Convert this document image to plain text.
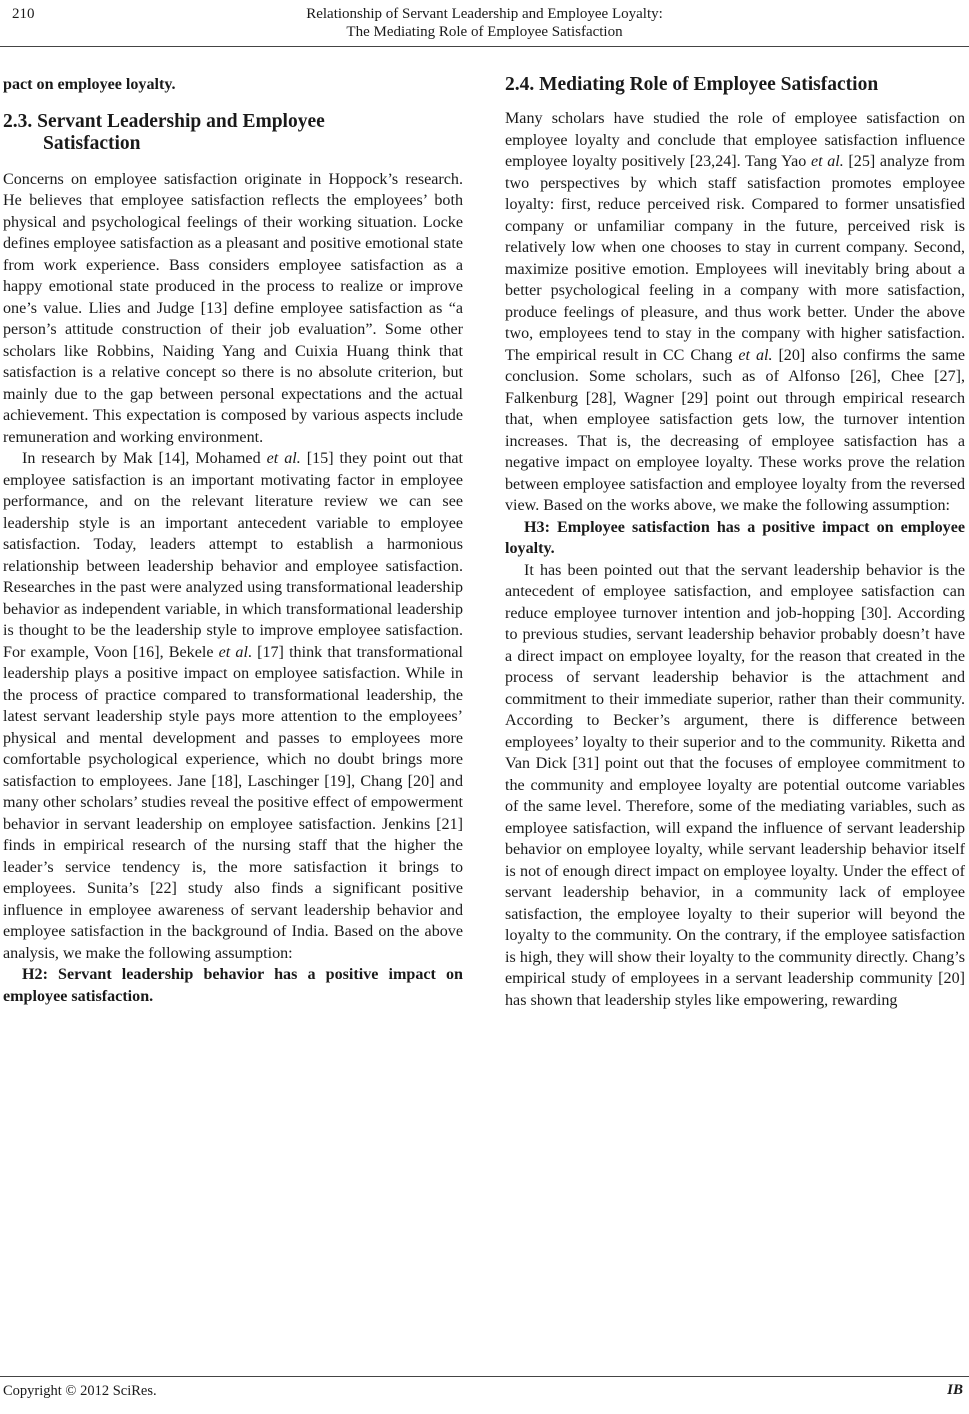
210	Relationship of Servant Leadership and Employee Loyalty:
The Mediating Role of Employee Satisfaction

pact on employee loyalty.

2.3. Servant Leadership and Employee
Satisfaction

Concerns on employee satisfaction originate in Hoppock’s research. He believes that employee satisfaction reflects the employees’ both physical and psychological feelings of their working situation. Locke defines employee satisfaction as a pleasant and positive emotional state from work experience. Bass considers employee satisfaction as a happy emotional state produced in the process to realize or improve one’s value. Llies and Judge [13] define employee satisfaction as “a person’s attitude construction of their job evaluation”. Some other scholars like Robbins, Naiding Yang and Cuixia Huang think that satisfaction is a relative concept so there is no absolute criterion, but mainly due to the gap between personal expectations and the actual achievement. This expectation is composed by various aspects include remuneration and working environment.

In research by Mak [14], Mohamed et al. [15] they point out that employee satisfaction is an important motivating factor in employee performance, and on the relevant literature review we can see leadership style is an important antecedent variable to employee satisfaction. Today, leaders attempt to establish a harmonious relationship between leadership behavior and employee satisfaction. Researches in the past were analyzed using transformational leadership behavior as independent variable, in which transformational leadership is thought to be the leadership style to improve employee satisfaction. For example, Voon [16], Bekele et al. [17] think that transformational leadership plays a positive impact on employee satisfaction. While in the process of practice compared to transformational leadership, the latest servant leadership style pays more attention to the employees’ physical and mental development and passes to employees more comfortable psychological experience, which no doubt brings more satisfaction to employees. Jane [18], Laschinger [19], Chang [20] and many other scholars’ studies reveal the positive effect of empowerment behavior in servant leadership on employee satisfaction. Jenkins [21] finds in empirical research of the nursing staff that the higher the leader’s service tendency is, the more satisfaction it brings to employees. Sunita’s [22] study also finds a significant positive influence in employee awareness of servant leadership behavior and employee satisfaction in the background of India. Based on the above analysis, we make the following assumption:

H2: Servant leadership behavior has a positive impact on employee satisfaction.

2.4. Mediating Role of Employee Satisfaction

Many scholars have studied the role of employee satisfaction on employee loyalty and conclude that employee satisfaction influence employee loyalty positively [23,24]. Tang Yao et al. [25] analyze from two perspectives by which staff satisfaction promotes employee loyalty: first, reduce perceived risk. Compared to former unsatisfied company or unfamiliar company in the future, perceived risk is relatively low when one chooses to stay in current company. Second, maximize positive emotion. Employees will inevitably bring about a better psychological feeling in a company with more satisfaction, produce feelings of pleasure, and thus work better. Under the above two, employees tend to stay in the company with higher satisfaction. The empirical result in CC Chang et al. [20] also confirms the same conclusion. Some scholars, such as of Alfonso [26], Chee [27], Falkenburg [28], Wagner [29] point out through empirical research that, when employee satisfaction gets low, the turnover intention increases. That is, the decreasing of employee satisfaction has a negative impact on employee loyalty. These works prove the relation between employee satisfaction and employee loyalty from the reversed view. Based on the works above, we make the following assumption:

H3: Employee satisfaction has a positive impact on employee loyalty.

It has been pointed out that the servant leadership behavior is the antecedent of employee satisfaction, and employee satisfaction can reduce employee turnover intention and job-hopping [30]. According to previous studies, servant leadership behavior probably doesn’t have a direct impact on employee loyalty, for the reason that created in the process of servant leadership behavior is the attachment and commitment to their immediate superior, rather than their community. According to Becker’s argument, there is difference between employees’ loyalty to their superior and to the community. Riketta and Van Dick [31] point out that the focuses of employee commitment to the community and employee loyalty are potential outcome variables of the same level. Therefore, some of the mediating variables, such as employee satisfaction, will expand the influence of servant leadership behavior on employee loyalty, while servant leadership behavior itself is not of enough direct impact on employee loyalty. Under the effect of servant leadership behavior, in a community lack of employee satisfaction, the employee loyalty to their superior will beyond the loyalty to the community. On the contrary, if the employee satisfaction is high, they will show their loyalty to the community directly. Chang’s empirical study of employees in a servant leadership community [20] has shown that leadership styles like empowering, rewarding

Copyright © 2012 SciRes.	IB
